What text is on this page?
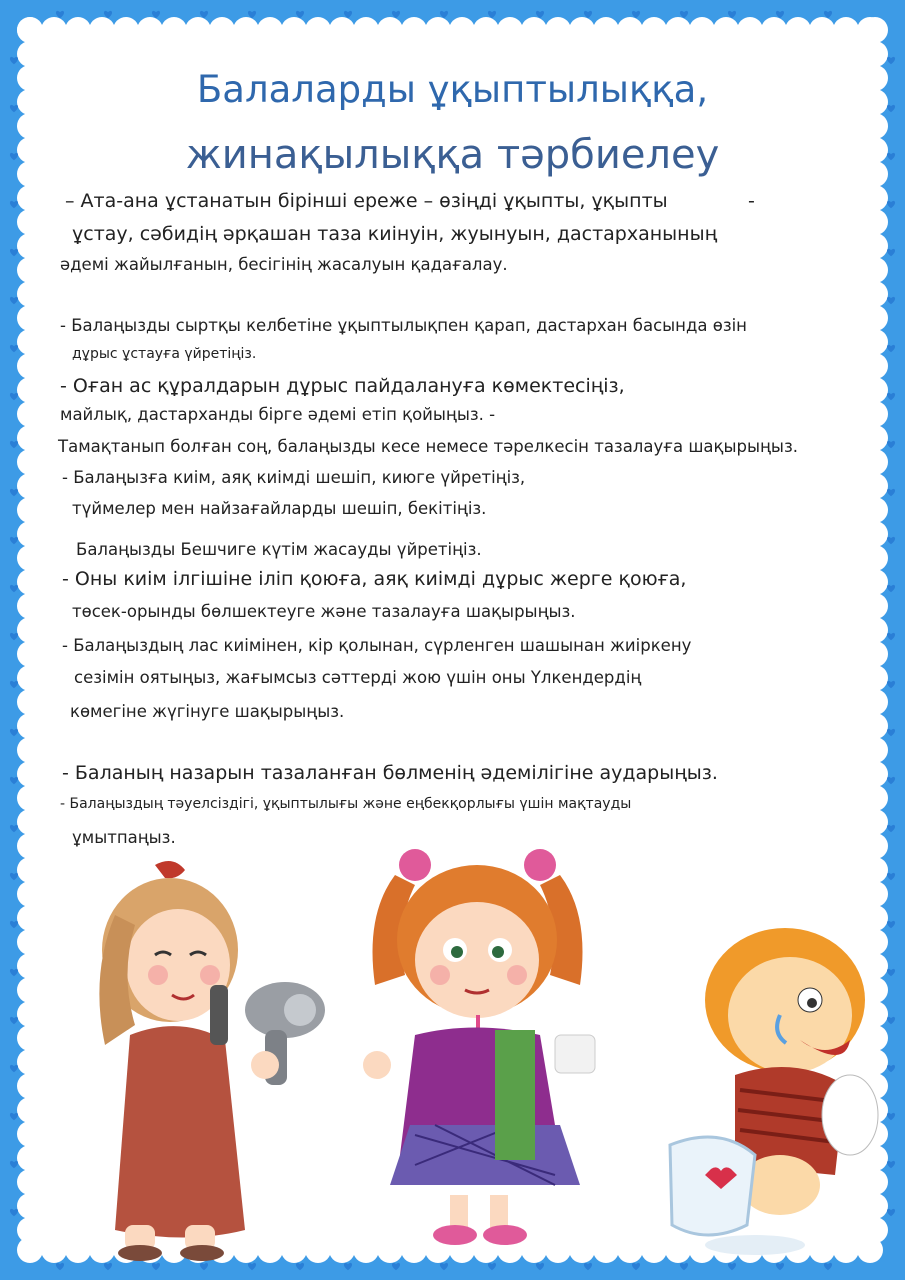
Балаларды ұқыптылыққа,
жинақылыққа тәрбиелеу

– Ата-ана ұстанатын бірінші ереже – өзіңді ұқыпты, ұқыпты	-

ұстау, сәбидің әрқашан таза киінуін, жуынуын, дастарханының

әдемі жайылғанын, бесігінің жасалуын қадағалау.

- Балаңызды сыртқы келбетіне ұқыптылықпен қарап, дастархан басында өзін

дұрыс ұстауға үйретіңіз.

- Оған ас құралдарын дұрыс пайдалануға көмектесіңіз,

майлық, дастарханды бірге әдемі етіп қойыңыз. -

Тамақтанып болған соң, балаңызды кесе немесе тәрелкесін тазалауға шақырыңыз.

- Балаңызға киім, аяқ киімді шешіп, киюге үйретіңіз,

түймелер мен найзағайларды шешіп, бекітіңіз.

Балаңызды Бешчиге күтім жасауды үйретіңіз.

- Оны киім ілгішіне іліп қоюға, аяқ киімді дұрыс жерге қоюға,

төсек-орынды бөлшектеуге және тазалауға шақырыңыз.

- Балаңыздың лас киімінен, кір қолынан, сүрленген шашынан жиіркену

сезімін оятыңыз, жағымсыз сәттерді жою үшін оны Үлкендердің

көмегіне жүгінуге шақырыңыз.

- Баланың назарын тазаланған бөлменің әдемілігіне аударыңыз.

- Балаңыздың тәуелсіздігі, ұқыптылығы және еңбекқорлығы үшін мақтауды

ұмытпаңыз.
